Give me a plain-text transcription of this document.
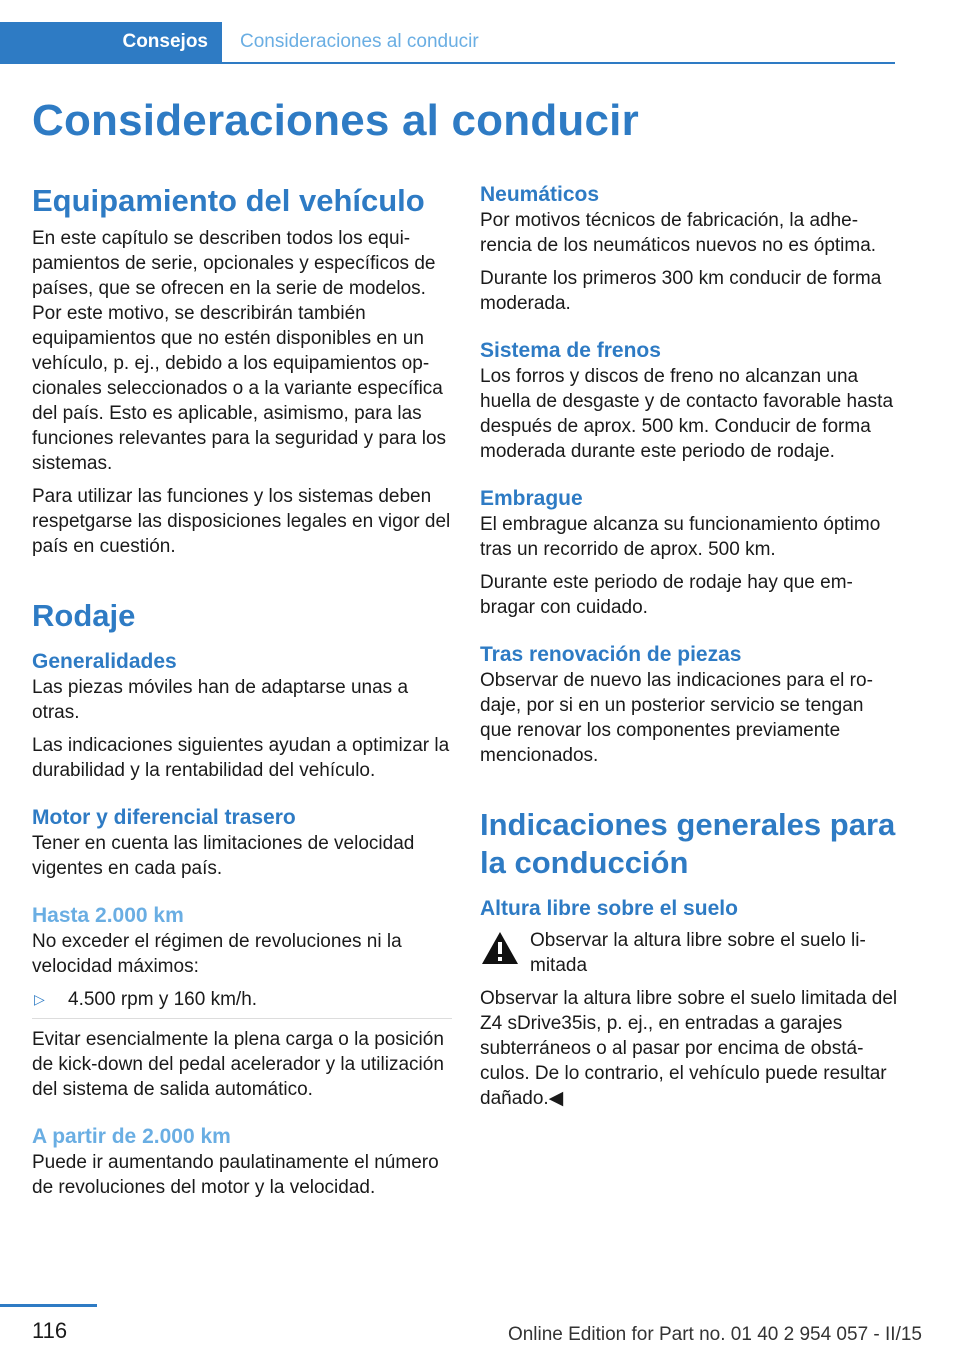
Consejos	Consideraciones al conducir
Consideraciones al conducir
Equipamiento del vehículo

En este capítulo se describen todos los equipamientos de serie, opcionales y específicos de países, que se ofrecen en la serie de modelos. Por este motivo, se describirán también equipamientos que no estén disponibles en un vehículo, p. ej., debido a los equipamientos opcionales seleccionados o a la variante específica del país. Esto es aplicable, asimismo, para las funciones relevantes para la seguridad y para los sistemas.

Para utilizar las funciones y los sistemas deben respetgarse las disposiciones legales en vigor del país en cuestión.

Rodaje
Generalidades

Las piezas móviles han de adaptarse unas a otras.

Las indicaciones siguientes ayudan a optimizar la durabilidad y la rentabilidad del vehículo.

Motor y diferencial trasero

Tener en cuenta las limitaciones de velocidad vigentes en cada país.

Hasta 2.000 km

No exceder el régimen de revoluciones ni la velocidad máximos:

▷	4.500 rpm y 160 km/h.

Evitar esencialmente la plena carga o la posición de kick-down del pedal acelerador y la utilización del sistema de salida automático.

A partir de 2.000 km

Puede ir aumentando paulatinamente el número de revoluciones del motor y la velocidad.

Neumáticos

Por motivos técnicos de fabricación, la adherencia de los neumáticos nuevos no es óptima.

Durante los primeros 300 km conducir de forma moderada.

Sistema de frenos

Los forros y discos de freno no alcanzan una huella de desgaste y de contacto favorable hasta después de aprox. 500 km. Conducir de forma moderada durante este periodo de rodaje.

Embrague

El embrague alcanza su funcionamiento óptimo tras un recorrido de aprox. 500 km.

Durante este periodo de rodaje hay que embragar con cuidado.

Tras renovación de piezas

Observar de nuevo las indicaciones para el rodaje, por si en un posterior servicio se tengan que renovar los componentes previamente mencionados.

Indicaciones generales para la conducción
Altura libre sobre el suelo
Observar la altura libre sobre el suelo limitada

Observar la altura libre sobre el suelo limitada del Z4 sDrive35is, p. ej., en entradas a garajes subterráneos o al pasar por encima de obstáculos. De lo contrario, el vehículo puede resultar dañado.◀

116	Online Edition for Part no. 01 40 2 954 057 - II/15
